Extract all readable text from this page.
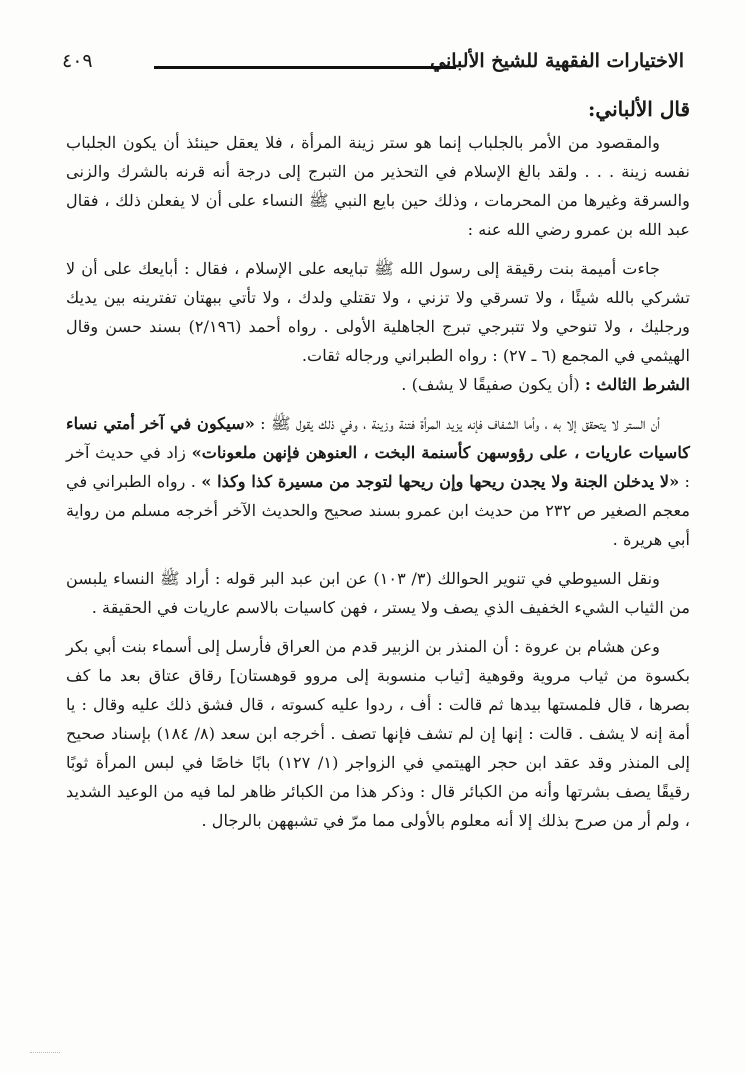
الاختيارات الفقهية للشيخ الألباني
٤٠٩

قال الألباني:

والمقصود من الأمر بالجلباب إنما هو ستر زينة المرأة ، فلا يعقل حينئذ أن يكون الجلباب نفسه زينة . . . ولقد بالغ الإسلام في التحذير من التبرج إلى درجة أنه قرنه بالشرك والزنى والسرقة وغيرها من المحرمات ، وذلك حين بايع النبي ﷺ النساء على أن لا يفعلن ذلك ، فقال عبد الله بن عمرو رضي الله عنه :

جاءت أميمة بنت رقيقة إلى رسول الله ﷺ تبايعه على الإسلام ، فقال : أبايعك على أن لا تشركي بالله شيئًا ، ولا تسرقي ولا تزني ، ولا تقتلي ولدك ، ولا تأتي ببهتان تفترينه بين يديك ورجليك ، ولا تنوحي ولا تتبرجي تبرج الجاهلية الأولى . رواه أحمد (٢/١٩٦) بسند حسن وقال الهيثمي في المجمع (٦ ـ ٢٧) : رواه الطبراني ورجاله ثقات.

الشرط الثالث : (أن يكون صفيقًا لا يشف) .

أن الستر لا يتحقق إلا به ، وأما الشفاف فإنه يزيد المرأة فتنة وزينة ، وفي ذلك يقول ﷺ : «سيكون في آخر أمتي نساء كاسيات عاريات ، على رؤوسهن كأسنمة البخت ، العنوهن فإنهن ملعونات» زاد في حديث آخر : «لا يدخلن الجنة ولا يجدن ريحها وإن ريحها لتوجد من مسيرة كذا وكذا » . رواه الطبراني في معجم الصغير ص ٢٣٢ من حديث ابن عمرو بسند صحيح والحديث الآخر أخرجه مسلم من رواية أبي هريرة .

ونقل السيوطي في تنوير الحوالك (٣/ ١٠٣) عن ابن عبد البر قوله : أراد ﷺ النساء يلبسن من الثياب الشيء الخفيف الذي يصف ولا يستر ، فهن كاسيات بالاسم عاريات في الحقيقة .

وعن هشام بن عروة : أن المنذر بن الزبير قدم من العراق فأرسل إلى أسماء بنت أبي بكر بكسوة من ثياب مروية وقوهية [ثياب منسوبة إلى مروو قوهستان] رقاق عتاق بعد ما كف بصرها ، قال فلمستها بيدها ثم قالت : أف ، ردوا عليه كسوته ، قال فشق ذلك عليه وقال : يا أمة إنه لا يشف . قالت : إنها إن لم تشف فإنها تصف . أخرجه ابن سعد (٨/ ١٨٤) بإسناد صحيح إلى المنذر وقد عقد ابن حجر الهيتمي في الزواجر (١/ ١٢٧) بابًا خاصًا في لبس المرأة ثوبًا رقيقًا يصف بشرتها وأنه من الكبائر قال : وذكر هذا من الكبائر ظاهر لما فيه من الوعيد الشديد ، ولم أر من صرح بذلك إلا أنه معلوم بالأولى مما مرّ في تشبههن بالرجال .
